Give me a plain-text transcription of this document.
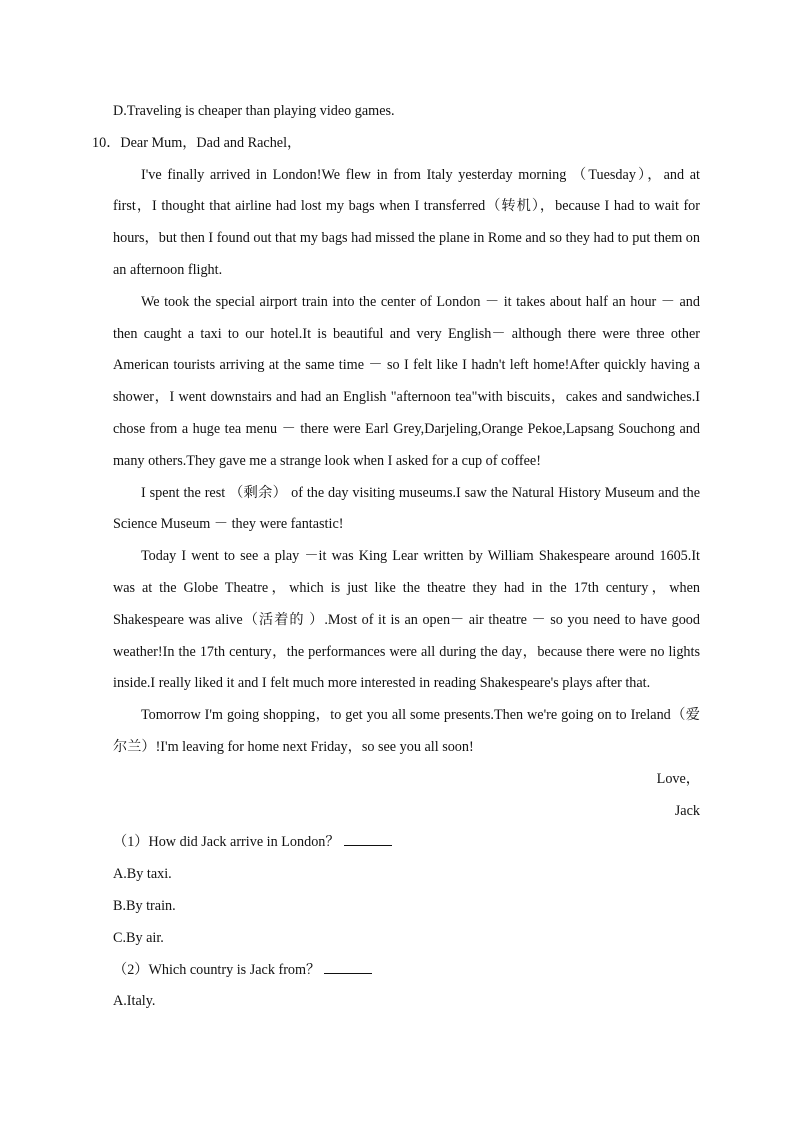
D.Traveling is cheaper than playing video games.

10．Dear Mum，Dad and Rachel，

I've finally arrived in London!We flew in from Italy yesterday morning （Tuesday），and at first，I thought that airline had lost my bags when I transferred（转机），because I had to wait for hours，but then I found out that my bags had missed the plane in Rome and so they had to put them on an afternoon flight.

We took the special airport train into the center of London － it takes about half an hour － and then caught a taxi to our hotel.It is beautiful and very English－ although there were three other American tourists arriving at the same time － so I felt like I hadn't left home!After quickly having a shower，I went downstairs and had an English "afternoon tea"with biscuits，cakes and sandwiches.I chose from a huge tea menu － there were Earl Grey,Darjeling,Orange Pekoe,Lapsang Souchong and many others.They gave me a strange look when I asked for a cup of coffee!

I spent the rest （剩余） of the day visiting museums.I saw the Natural History Museum and the Science Museum － they were fantastic!

Today I went to see a play －it was King Lear written by William Shakespeare around 1605.It was at the Globe Theatre，which is just like the theatre they had in the 17th century，when Shakespeare was alive（活着的 ）.Most of it is an open－ air theatre － so you need to have good weather!In the 17th century，the performances were all during the day，because there were no lights inside.I really liked it and I felt much more interested in reading Shakespeare's plays after that.

Tomorrow I'm going shopping，to get you all some presents.Then we're going on to Ireland（爱尔兰）!I'm leaving for home next Friday，so see you all soon!

Love，

Jack

（1）How did Jack arrive in London？

A.By taxi.

B.By train.

C.By air.

（2）Which country is Jack from？

A.Italy.
